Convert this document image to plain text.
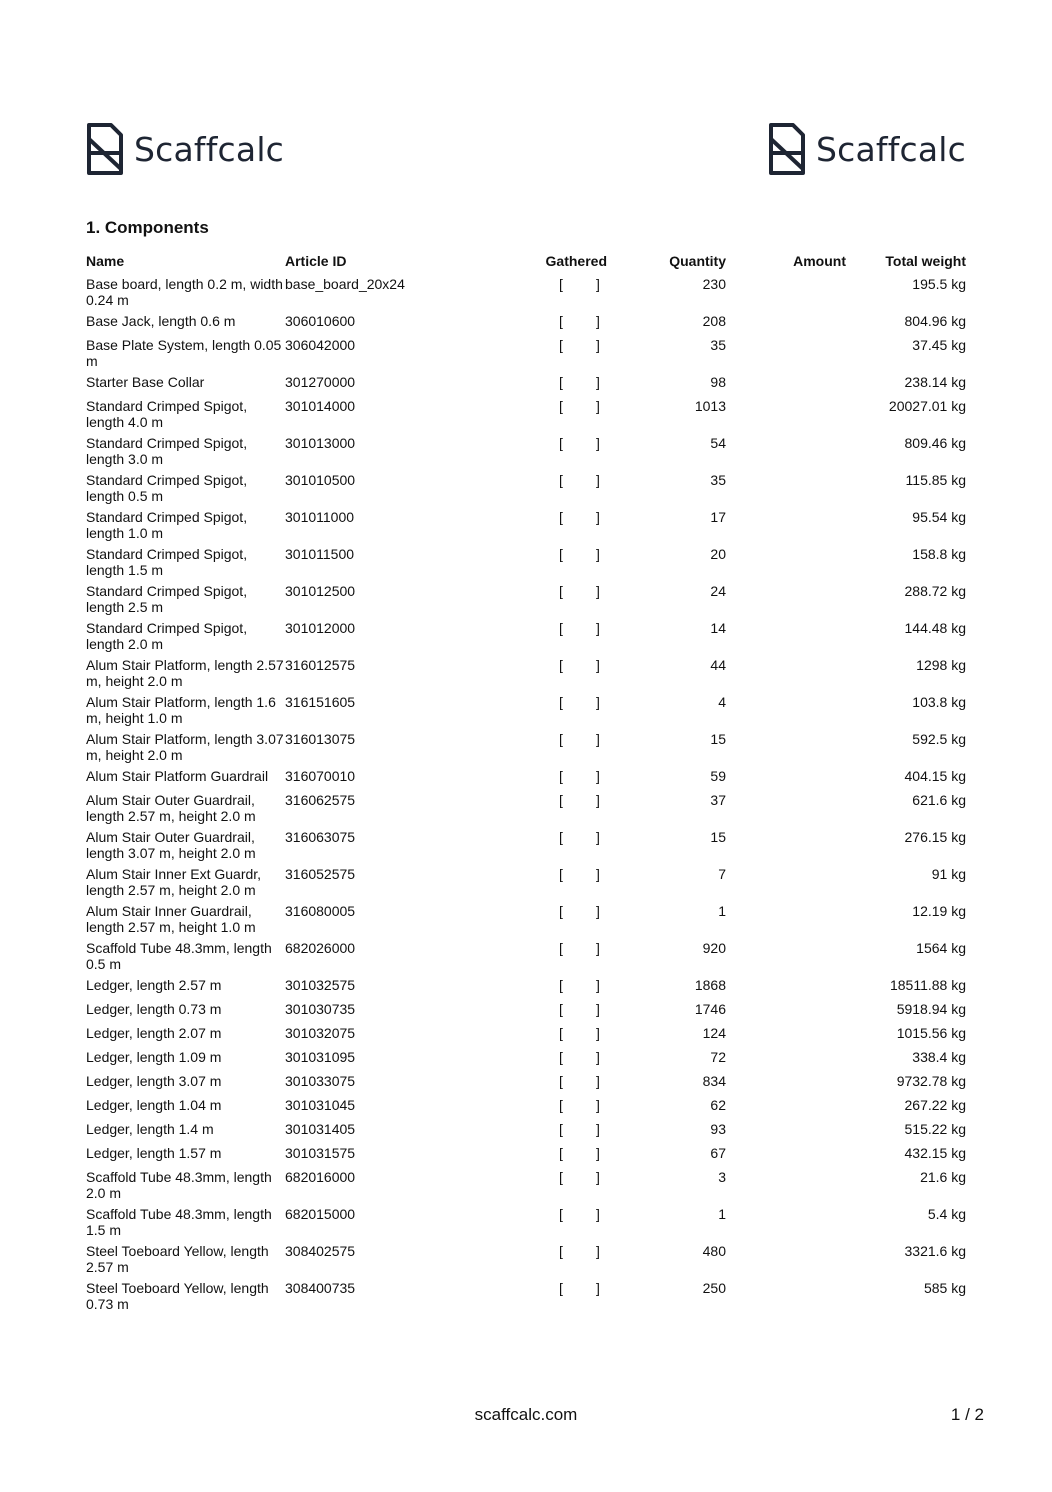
Scaffcalc	Scaffcalc
1. Components
Name	Article ID	Gathered	Quantity	Amount	Total weight
Base board, length 0.2 m, width 0.24 m	base_board_20x24	[ ]	230		195.5 kg
Base Jack, length 0.6 m	306010600	[ ]	208		804.96 kg
Base Plate System, length 0.05 m	306042000	[ ]	35		37.45 kg
Starter Base Collar	301270000	[ ]	98		238.14 kg
Standard Crimped Spigot, length 4.0 m	301014000	[ ]	1013		20027.01 kg
Standard Crimped Spigot, length 3.0 m	301013000	[ ]	54		809.46 kg
Standard Crimped Spigot, length 0.5 m	301010500	[ ]	35		115.85 kg
Standard Crimped Spigot, length 1.0 m	301011000	[ ]	17		95.54 kg
Standard Crimped Spigot, length 1.5 m	301011500	[ ]	20		158.8 kg
Standard Crimped Spigot, length 2.5 m	301012500	[ ]	24		288.72 kg
Standard Crimped Spigot, length 2.0 m	301012000	[ ]	14		144.48 kg
Alum Stair Platform, length 2.57 m, height 2.0 m	316012575	[ ]	44		1298 kg
Alum Stair Platform, length 1.6 m, height 1.0 m	316151605	[ ]	4		103.8 kg
Alum Stair Platform, length 3.07 m, height 2.0 m	316013075	[ ]	15		592.5 kg
Alum Stair Platform Guardrail	316070010	[ ]	59		404.15 kg
Alum Stair Outer Guardrail, length 2.57 m, height 2.0 m	316062575	[ ]	37		621.6 kg
Alum Stair Outer Guardrail, length 3.07 m, height 2.0 m	316063075	[ ]	15		276.15 kg
Alum Stair Inner Ext Guardr, length 2.57 m, height 2.0 m	316052575	[ ]	7		91 kg
Alum Stair Inner Guardrail, length 2.57 m, height 1.0 m	316080005	[ ]	1		12.19 kg
Scaffold Tube 48.3mm, length 0.5 m	682026000	[ ]	920		1564 kg
Ledger, length 2.57 m	301032575	[ ]	1868		18511.88 kg
Ledger, length 0.73 m	301030735	[ ]	1746		5918.94 kg
Ledger, length 2.07 m	301032075	[ ]	124		1015.56 kg
Ledger, length 1.09 m	301031095	[ ]	72		338.4 kg
Ledger, length 3.07 m	301033075	[ ]	834		9732.78 kg
Ledger, length 1.04 m	301031045	[ ]	62		267.22 kg
Ledger, length 1.4 m	301031405	[ ]	93		515.22 kg
Ledger, length 1.57 m	301031575	[ ]	67		432.15 kg
Scaffold Tube 48.3mm, length 2.0 m	682016000	[ ]	3		21.6 kg
Scaffold Tube 48.3mm, length 1.5 m	682015000	[ ]	1		5.4 kg
Steel Toeboard Yellow, length 2.57 m	308402575	[ ]	480		3321.6 kg
Steel Toeboard Yellow, length 0.73 m	308400735	[ ]	250		585 kg
scaffcalc.com	1 / 2
